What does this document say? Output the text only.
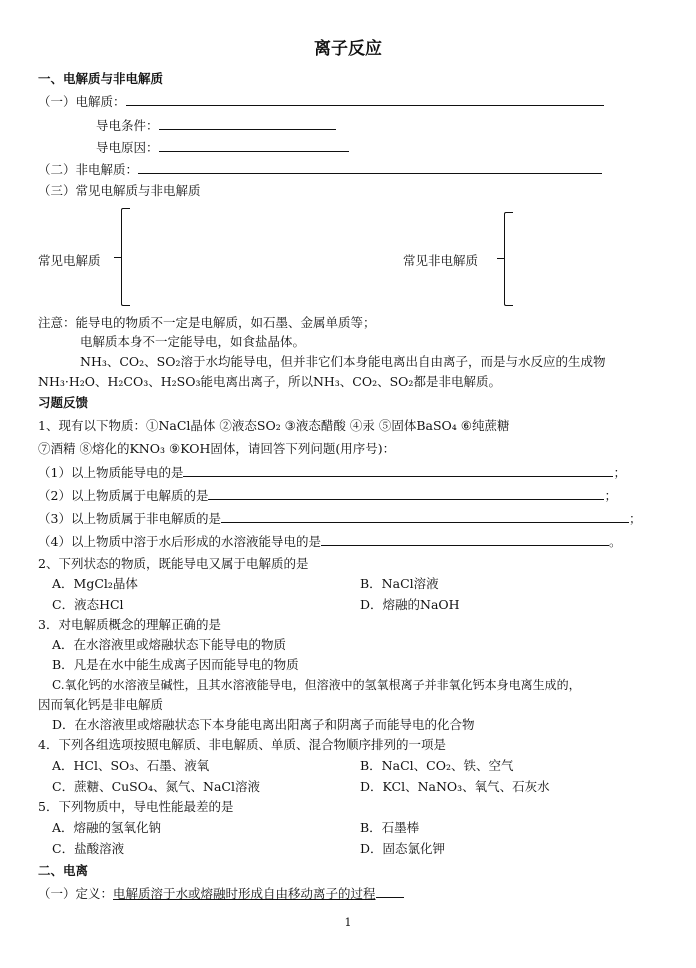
离子反应
一、电解质与非电解质
（一）电解质：
导电条件：
导电原因：
（二）非电解质：
（三）常见电解质与非电解质
常见电解质	常见非电解质
注意：能导电的物质不一定是电解质，如石墨、金属单质等；
电解质本身不一定能导电，如食盐晶体。
NH₃、CO₂、SO₂溶于水均能导电，但并非它们本身能电离出自由离子，而是与水反应的生成物
NH₃·H₂O、H₂CO₃、H₂SO₃能电离出离子，所以NH₃、CO₂、SO₂都是非电解质。
习题反馈
1、现有以下物质：①NaCl晶体 ②液态SO₂ ③液态醋酸 ④汞 ⑤固体BaSO₄ ⑥纯蔗糖
⑦酒精 ⑧熔化的KNO₃ ⑨KOH固体，请回答下列问题(用序号)：
（1）以上物质能导电的是	；
（2）以上物质属于电解质的是	；
（3）以上物质属于非电解质的是	；
（4）以上物质中溶于水后形成的水溶液能导电的是	。
2、下列状态的物质，既能导电又属于电解质的是
A．MgCl₂晶体	B．NaCl溶液
C．液态HCl	D．熔融的NaOH
3．对电解质概念的理解正确的是
A．在水溶液里或熔融状态下能导电的物质
B．凡是在水中能生成离子因而能导电的物质
C.氧化钙的水溶液呈碱性，且其水溶液能导电，但溶液中的氢氧根离子并非氧化钙本身电离生成的，
因而氧化钙是非电解质
D．在水溶液里或熔融状态下本身能电离出阳离子和阴离子而能导电的化合物
4．下列各组选项按照电解质、非电解质、单质、混合物顺序排列的一项是
A．HCl、SO₃、石墨、液氧	B．NaCl、CO₂、铁、空气
C．蔗糖、CuSO₄、氮气、NaCl溶液	D．KCl、NaNO₃、氧气、石灰水
5．下列物质中，导电性能最差的是
A．熔融的氢氧化钠	B．石墨棒
C．盐酸溶液	D．固态氯化钾
二、电离
（一）定义：电解质溶于水或熔融时形成自由移动离子的过程
1
